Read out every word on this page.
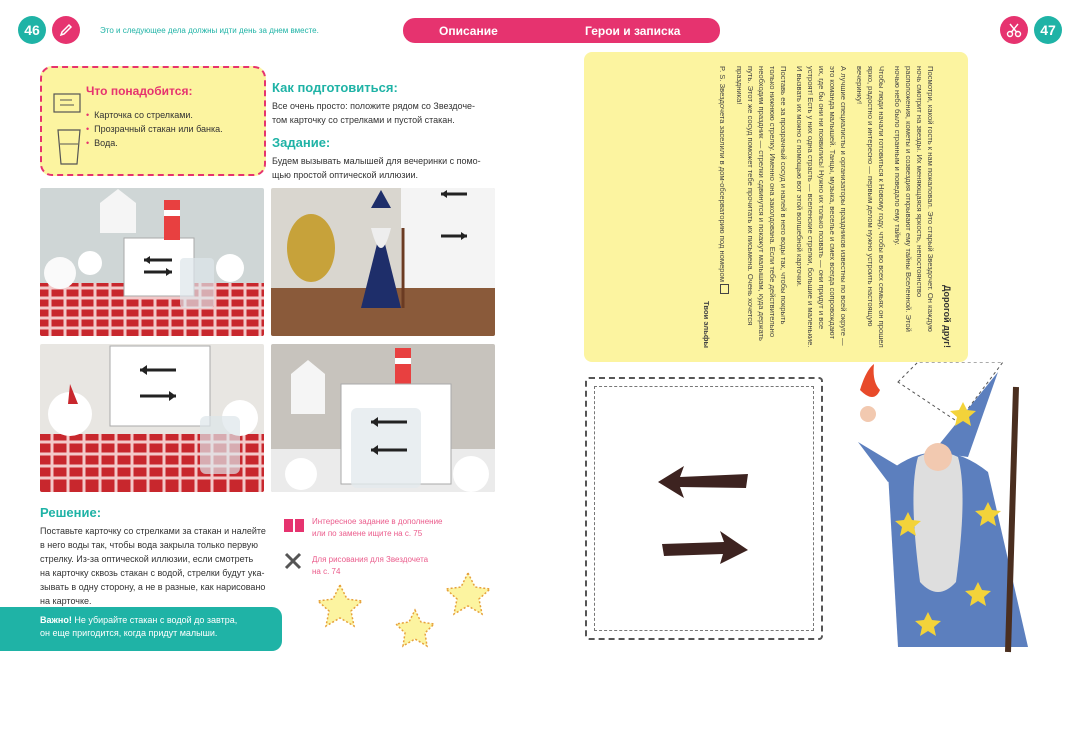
46	Это и следующее дела должны идти день за днем вместе.	Описание	Герои и записка	47
Что понадобится:
• Карточка со стрелками.
• Прозрачный стакан или банка.
• Вода.
Как подготовиться:
Все очень просто: положите рядом со Звездоче-
том карточку со стрелками и пустой стакан.
Задание:
Будем вызывать малышей для вечеринки с помо-
щью простой оптической иллюзии.
Решение:
Поставьте карточку со стрелками за стакан и налейте
в него воды так, чтобы вода закрыла только первую
стрелку. Из-за оптической иллюзии, если смотреть
на карточку сквозь стакан с водой, стрелки будут ука-
зывать в одну сторону, а не в разные, как нарисовано
на карточке.
Важно! Не убирайте стакан с водой до завтра,
он еще пригодится, когда придут малыши.
Интересное задание в дополнение
или по замене ищите на с. 75
Для рисования для Звездочета
на с. 74
Дорогой друг!

Посмотри, какой гость к нам пожаловал. Это старый Звездочет. Он каждую ночь смотрит на звезды. Их меняющаяся яркость, непостоянство расположения, кометы и созвездия открывают ему тайны Вселенной. Этой ночью небо было странным и поведало ему тайну.

Чтобы люди начали готовиться к Новому году, чтобы во всех семьях он прошел ярко, радостно и интересно — первым делом нужно устроить настоящую вечеринку!

А лучшие специалисты и организаторы праздников известны по всей округе — это команда малышей. Танцы, музыка, веселье и смех всегда сопровождают их, где бы они ни появились! Нужно их только позвать — они придут и все устроят! Есть у них одна страсть — вселенские стрелки, большие и маленькие. И вызвать их можно с помощью вот этой волшебной карточки.

Поставь ее за прозрачный сосуд и налей в него воды так, чтобы покрыть только нижнюю стрелку. Именно она заколдована. Если тебе действительно необходим праздник — стрелки сдвинутся и покажут малышам, куда держать путь. Этот же сосуд поможет тебе прочитать их письмена. Очень хочется праздника!

P. S. Звездочета заселили в дом-обсерваторию под номером

Твои эльфы
